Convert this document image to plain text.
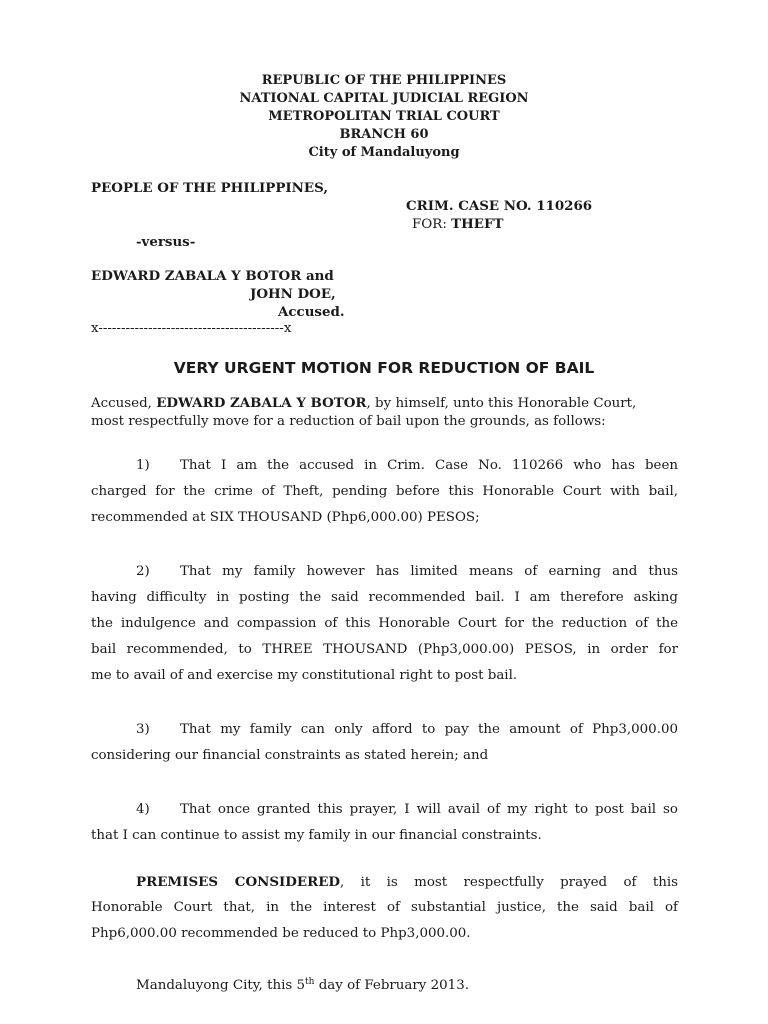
REPUBLIC OF THE PHILIPPINES
NATIONAL CAPITAL JUDICIAL REGION
METROPOLITAN TRIAL COURT
BRANCH 60
City of Mandaluyong
PEOPLE OF THE PHILIPPINES,
CRIM. CASE NO. 110266
FOR: THEFT
-versus-
EDWARD ZABALA Y BOTOR and
JOHN DOE,
Accused.
x-----------------------------------------x
VERY URGENT MOTION FOR REDUCTION OF BAIL
Accused, EDWARD ZABALA Y BOTOR, by himself, unto this Honorable Court,
most respectfully move for a reduction of bail upon the grounds, as follows:
1) That I am the accused in Crim. Case No. 110266 who has been
charged for the crime of Theft, pending before this Honorable Court with bail,
recommended at SIX THOUSAND (Php6,000.00) PESOS;
2) That my family however has limited means of earning and thus
having difficulty in posting the said recommended bail. I am therefore asking
the indulgence and compassion of this Honorable Court for the reduction of the
bail recommended, to THREE THOUSAND (Php3,000.00) PESOS, in order for
me to avail of and exercise my constitutional right to post bail.
3) That my family can only afford to pay the amount of Php3,000.00
considering our financial constraints as stated herein; and
4) That once granted this prayer, I will avail of my right to post bail so
that I can continue to assist my family in our financial constraints.
PREMISES CONSIDERED, it is most respectfully prayed of this
Honorable Court that, in the interest of substantial justice, the said bail of
Php6,000.00 recommended be reduced to Php3,000.00.
Mandaluyong City, this 5th day of February 2013.
